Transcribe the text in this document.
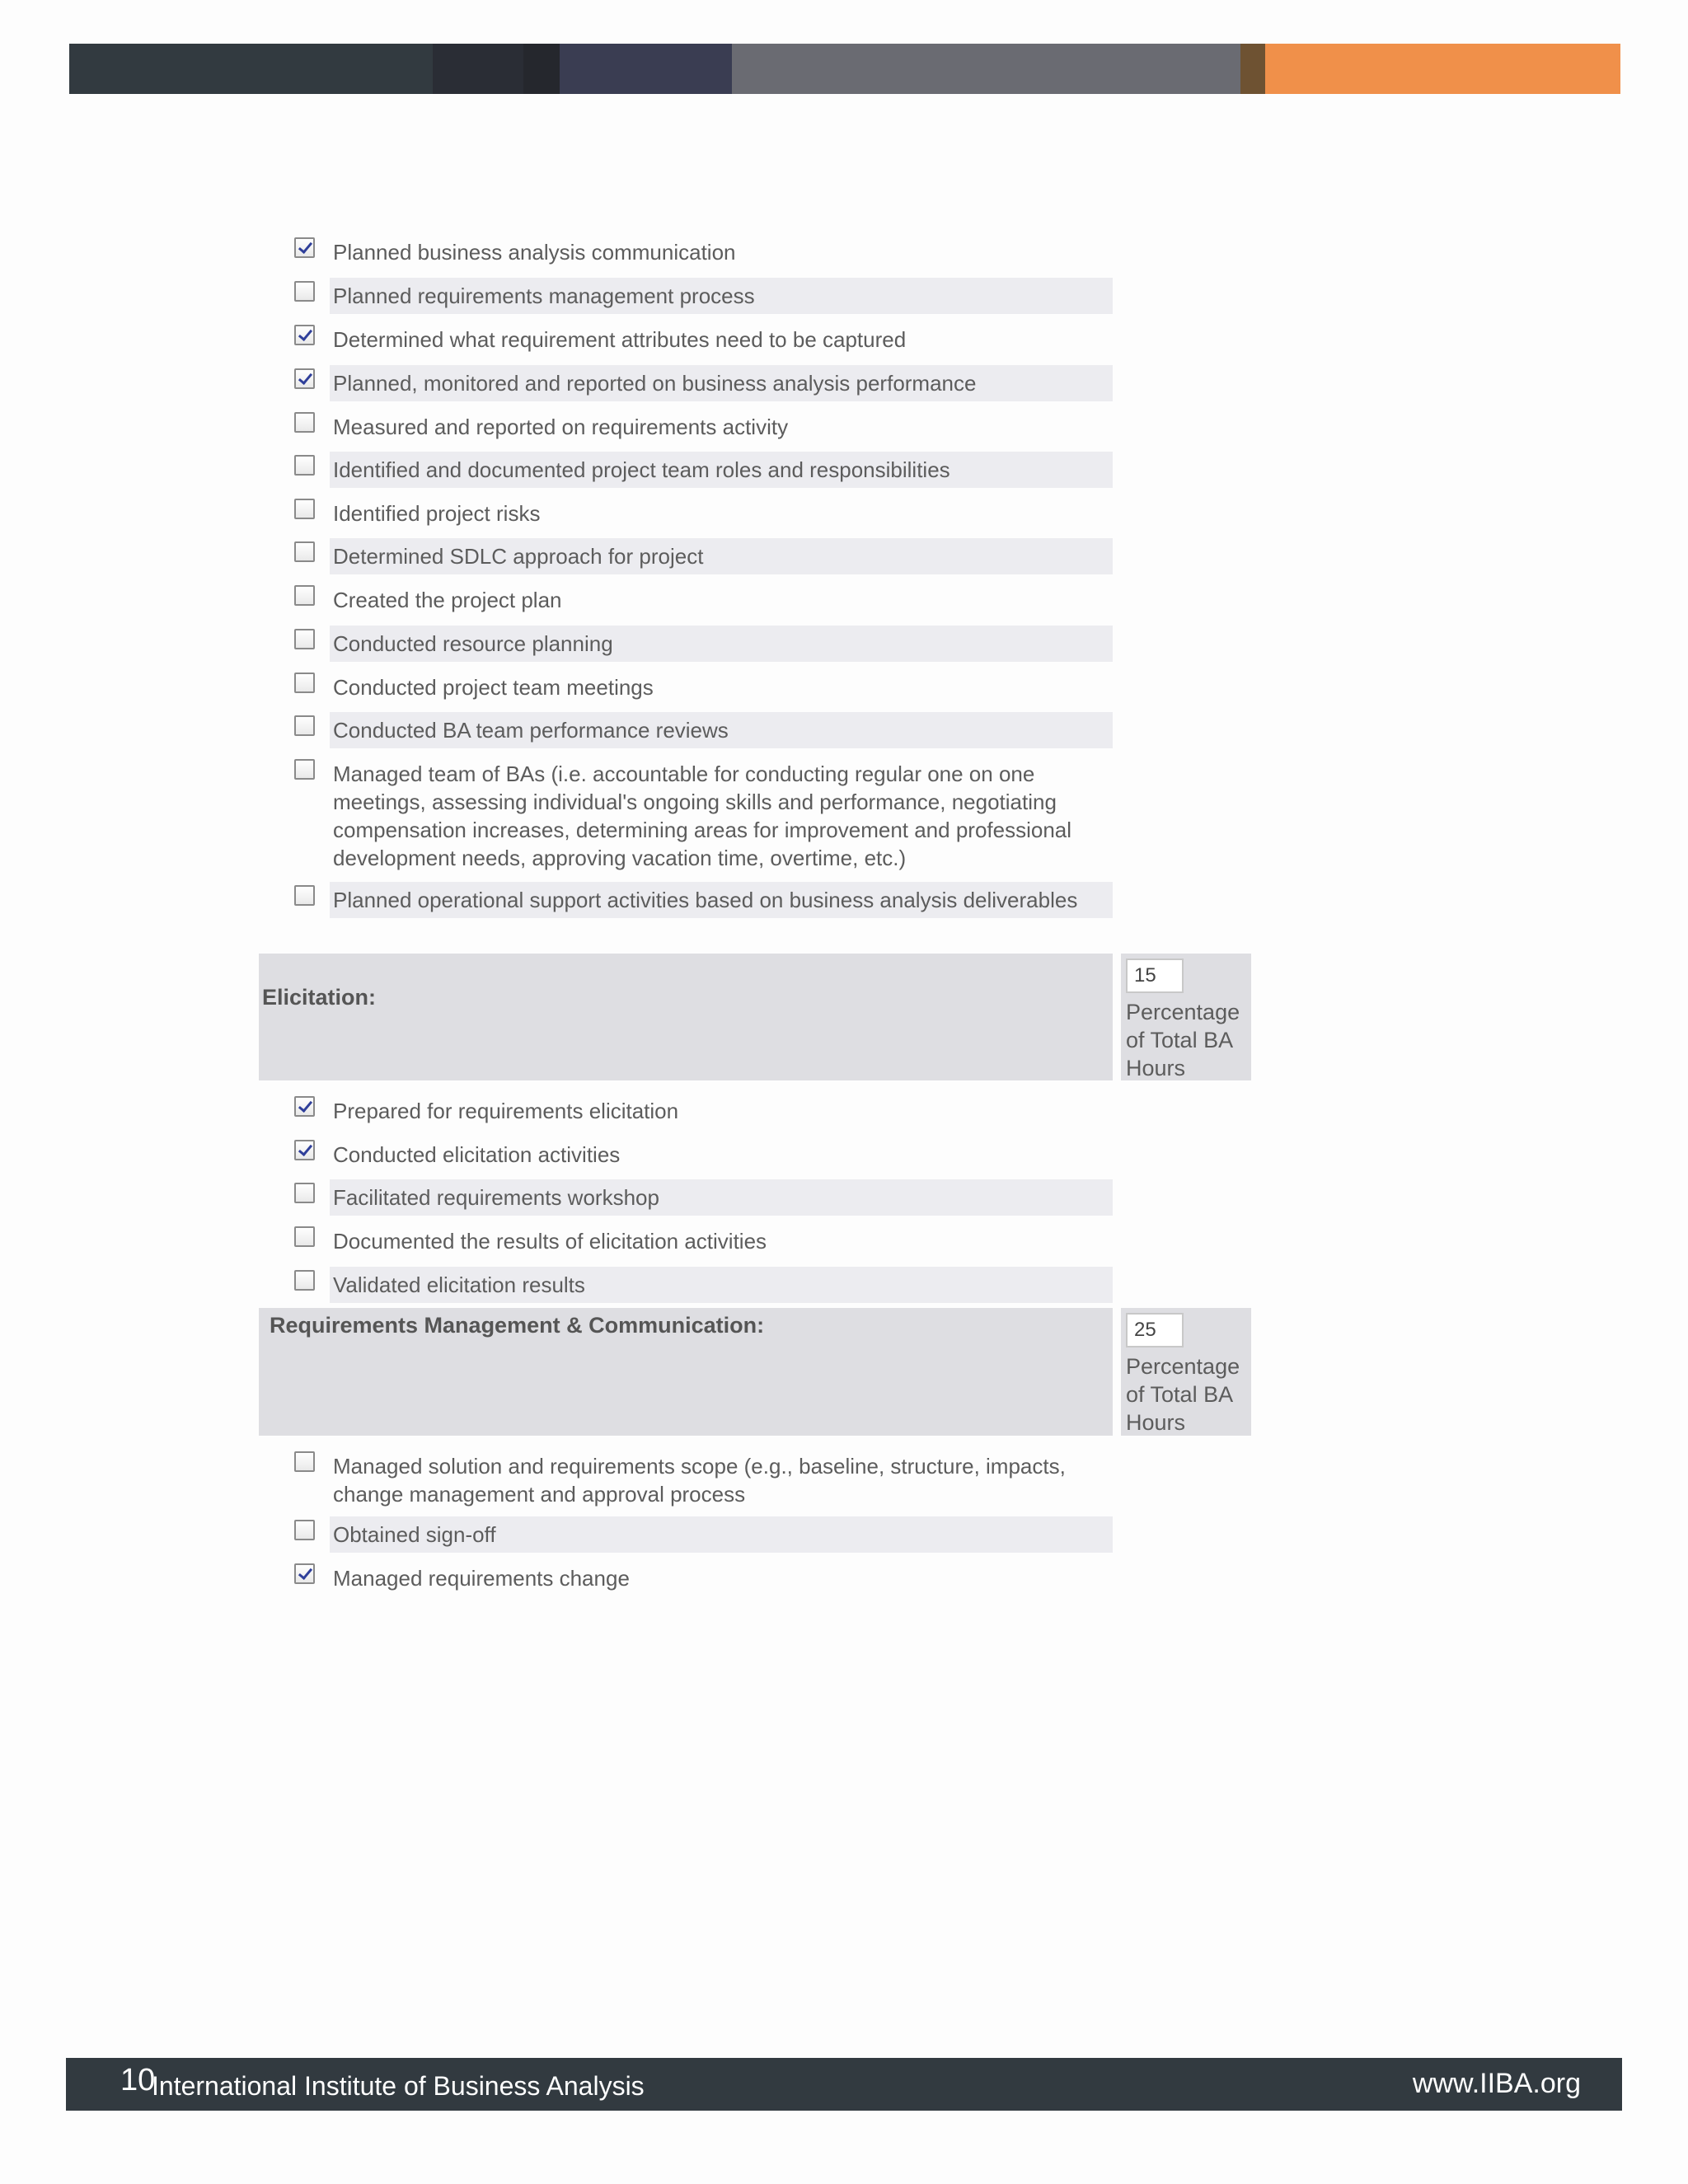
Planned business analysis communication
Planned requirements management process
Determined what requirement attributes need to be captured
Planned, monitored and reported on business analysis performance
Measured and reported on requirements activity
Identified and documented project team roles and responsibilities
Identified project risks
Determined SDLC approach for project
Created the project plan
Conducted resource planning
Conducted project team meetings
Conducted BA team performance reviews
Managed team of BAs (i.e. accountable for conducting regular one on one meetings, assessing individual's ongoing skills and performance, negotiating compensation increases, determining areas for improvement and professional development needs, approving vacation time, overtime, etc.)
Planned operational support activities based on business analysis deliverables
Elicitation:
15
Percentage of Total BA Hours
Prepared for requirements elicitation
Conducted elicitation activities
Facilitated requirements workshop
Documented the results of elicitation activities
Validated elicitation results
Requirements Management & Communication:	25
Percentage of Total BA Hours
Managed solution and requirements scope (e.g., baseline, structure, impacts, change management and approval process
Obtained sign-off
Managed requirements change
10
International Institute of Business Analysis	www.IIBA.org
